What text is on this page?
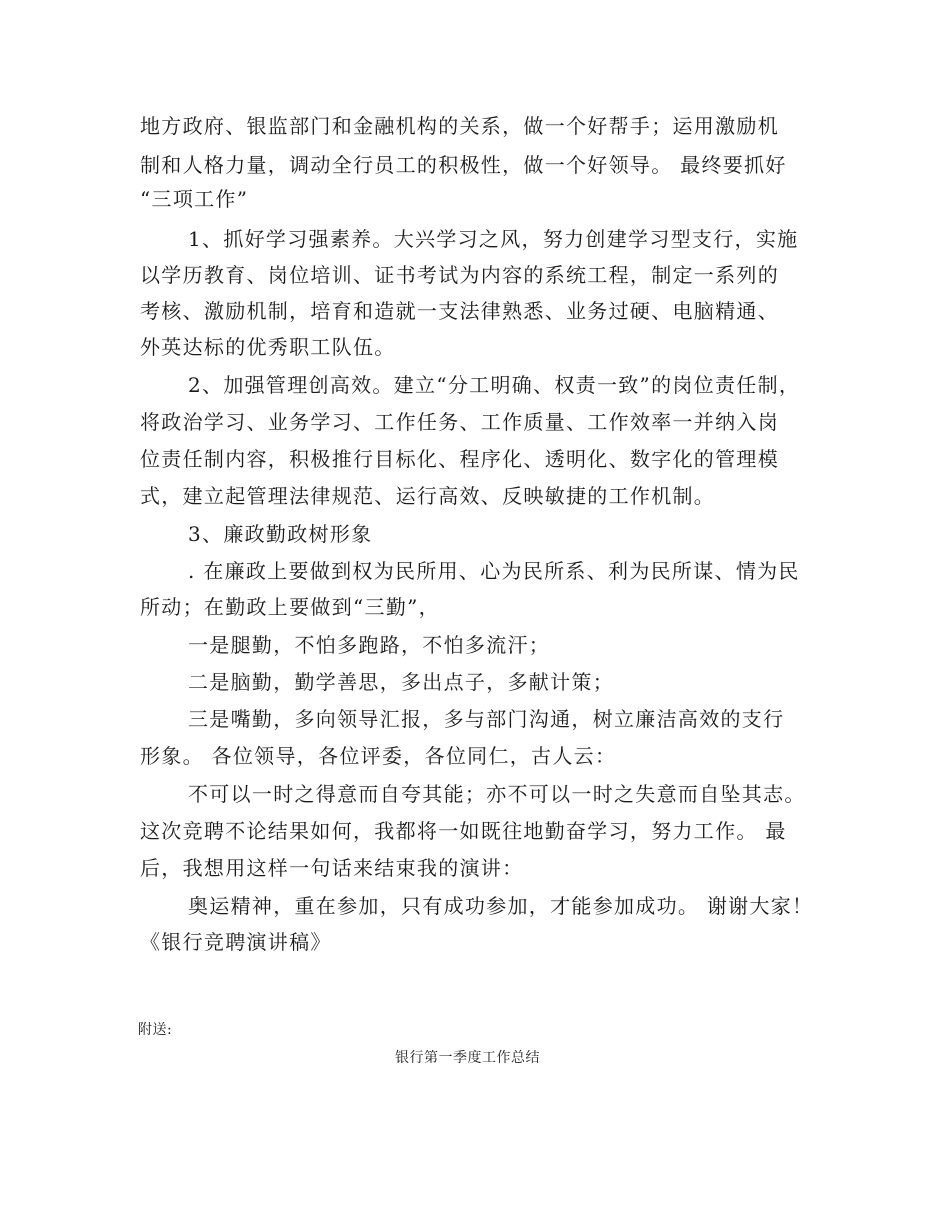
地方政府、银监部门和金融机构的关系，做一个好帮手；运用激励机
制和人格力量，调动全行员工的积极性，做一个好领导。 最终要抓好
“三项工作”
1、抓好学习强素养。大兴学习之风，努力创建学习型支行，实施
以学历教育、岗位培训、证书考试为内容的系统工程，制定一系列的
考核、激励机制，培育和造就一支法律熟悉、业务过硬、电脑精通、
外英达标的优秀职工队伍。
2、加强管理创高效。建立“分工明确、权责一致”的岗位责任制，
将政治学习、业务学习、工作任务、工作质量、工作效率一并纳入岗
位责任制内容，积极推行目标化、程序化、透明化、数字化的管理模
式，建立起管理法律规范、运行高效、反映敏捷的工作机制。
3、廉政勤政树形象
. 在廉政上要做到权为民所用、心为民所系、利为民所谋、情为民
所动；在勤政上要做到“三勤”，
一是腿勤，不怕多跑路，不怕多流汗；
二是脑勤，勤学善思，多出点子，多献计策；
三是嘴勤，多向领导汇报，多与部门沟通，树立廉洁高效的支行
形象。 各位领导，各位评委，各位同仁，古人云：
不可以一时之得意而自夸其能；亦不可以一时之失意而自坠其志。
这次竞聘不论结果如何，我都将一如既往地勤奋学习，努力工作。 最
后，我想用这样一句话来结束我的演讲：
奥运精神，重在参加，只有成功参加，才能参加成功。 谢谢大家！
《银行竞聘演讲稿》
附送:
银行第一季度工作总结
